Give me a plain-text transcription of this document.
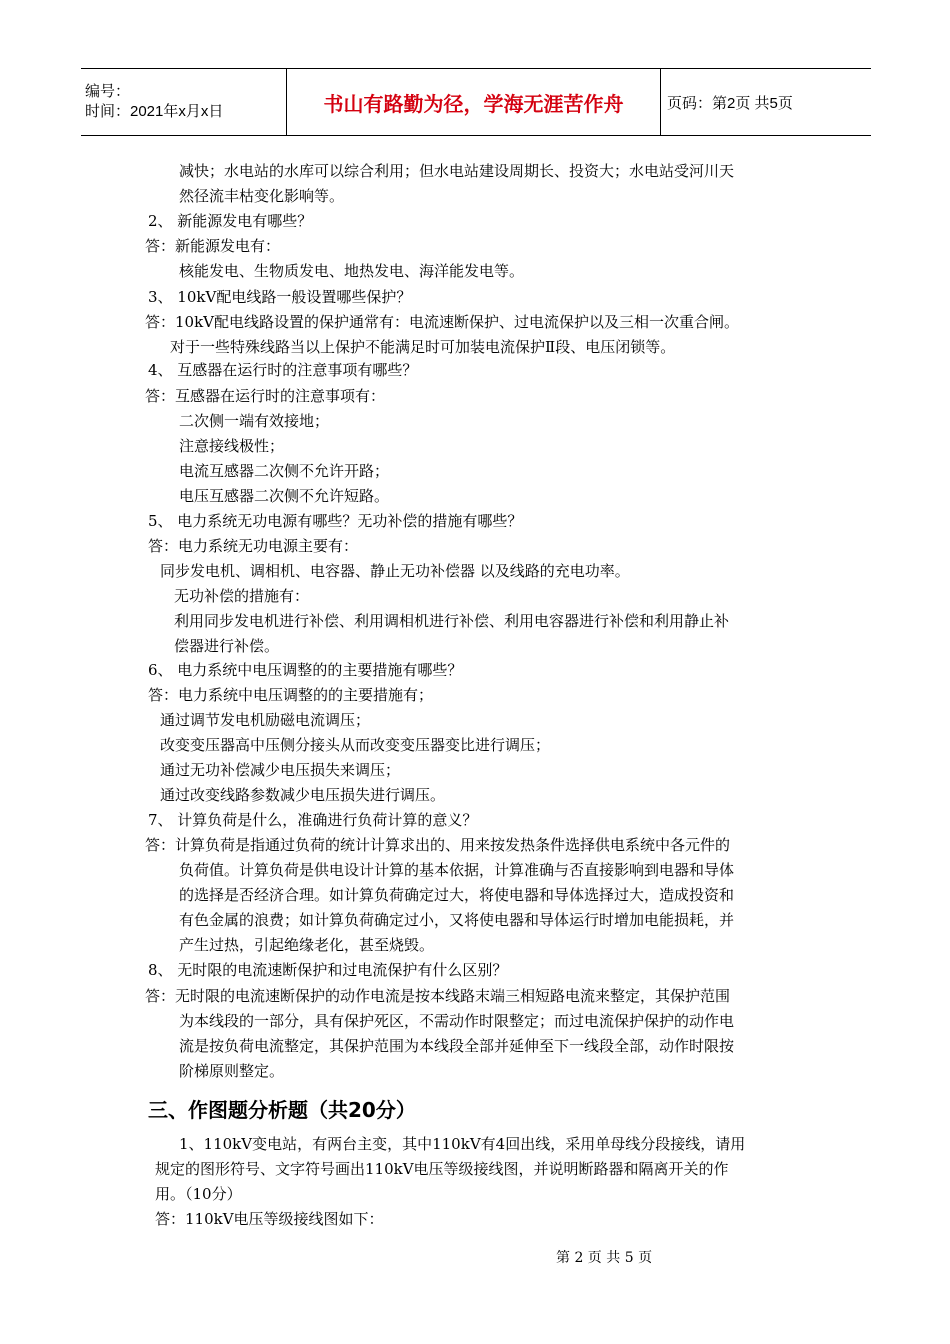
编号：
时间：2021年x月x日	书山有路勤为径，学海无涯苦作舟	页码：第2页 共5页
减快；水电站的水库可以综合利用；但水电站建设周期长、投资大；水电站受河川天
然径流丰枯变化影响等。
2、 新能源发电有哪些？
答：新能源发电有：
核能发电、生物质发电、地热发电、海洋能发电等。
3、 10kV配电线路一般设置哪些保护？
答：10kV配电线路设置的保护通常有：电流速断保护、过电流保护以及三相一次重合闸。
对于一些特殊线路当以上保护不能满足时可加装电流保护Ⅱ段、电压闭锁等。
4、 互感器在运行时的注意事项有哪些？
答：互感器在运行时的注意事项有：
二次侧一端有效接地；
注意接线极性；
电流互感器二次侧不允许开路；
电压互感器二次侧不允许短路。
5、 电力系统无功电源有哪些？无功补偿的措施有哪些？
答：电力系统无功电源主要有：
同步发电机、调相机、电容器、静止无功补偿器 以及线路的充电功率。
无功补偿的措施有：
利用同步发电机进行补偿、利用调相机进行补偿、利用电容器进行补偿和利用静止补
偿器进行补偿。
6、 电力系统中电压调整的的主要措施有哪些？
答：电力系统中电压调整的的主要措施有；
通过调节发电机励磁电流调压；
改变变压器高中压侧分接头从而改变变压器变比进行调压；
通过无功补偿减少电压损失来调压；
通过改变线路参数减少电压损失进行调压。
7、 计算负荷是什么，准确进行负荷计算的意义？
答：计算负荷是指通过负荷的统计计算求出的、用来按发热条件选择供电系统中各元件的
负荷值。计算负荷是供电设计计算的基本依据，计算准确与否直接影响到电器和导体
的选择是否经济合理。如计算负荷确定过大，将使电器和导体选择过大，造成投资和
有色金属的浪费；如计算负荷确定过小，又将使电器和导体运行时增加电能损耗，并
产生过热，引起绝缘老化，甚至烧毁。
8、 无时限的电流速断保护和过电流保护有什么区别？
答：无时限的电流速断保护的动作电流是按本线路末端三相短路电流来整定，其保护范围
为本线段的一部分，具有保护死区，不需动作时限整定；而过电流保护保护的动作电
流是按负荷电流整定，其保护范围为本线段全部并延伸至下一线段全部，动作时限按
阶梯原则整定。
三、作图题分析题（共20分）
1、110kV变电站，有两台主变，其中110kV有4回出线，采用单母线分段接线，请用
规定的图形符号、文字符号画出110kV电压等级接线图，并说明断路器和隔离开关的作
用。（10分）
答：110kV电压等级接线图如下：
第 2 页 共 5 页
